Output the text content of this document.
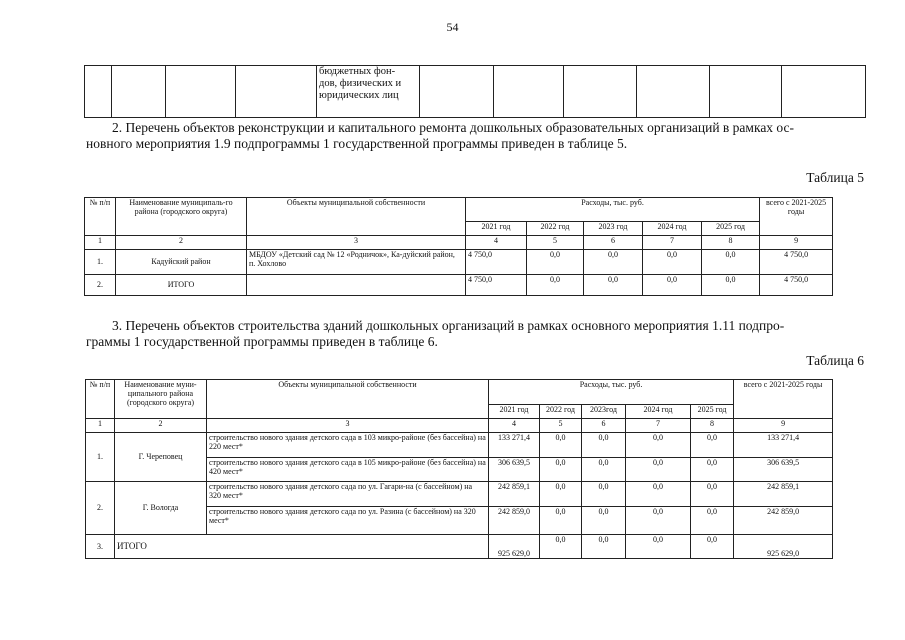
54

бюджетных фон-
дов, физических и
юридических лиц

2. Перечень объектов реконструкции и капитального ремонта дошкольных образовательных организаций в рамках ос-
новного мероприятия 1.9 подпрограммы 1 государственной программы приведен в таблице 5.
Таблица 5
№ п/п	Наименование муниципаль-го района (городского округа)	Объекты муниципальной собственности	Расходы, тыс. руб.					всего с 2021-2025 годы
			2021 год	2022 год	2023 год	2024 год	2025 год	
1	2	3	4	5	6	7	8	9
1.	Кадуйский район	МБДОУ «Детский сад № 12 «Родничок», Ка-дуйский район, п. Хохлово	4 750,0	0,0	0,0	0,0	0,0	4 750,0
2.	ИТОГО		4 750,0	0,0	0,0	0,0	0,0	4 750,0
3. Перечень объектов строительства зданий дошкольных организаций в рамках основного мероприятия 1.11 подпро-
граммы 1 государственной программы приведен в таблице 6.
Таблица 6
№ п/п	Наименование муни-ципального района (городского округа)	Объекты муниципальной собственности	Расходы, тыс. руб.					всего с 2021-2025 годы
			2021 год	2022 год	2023год	2024 год	2025 год	
1	2	3	4	5	6	7	8	9
1.	Г. Череповец	строительство нового здания детского сада в 103 микро-районе (без бассейна) на 220 мест*	133 271,4	0,0	0,0	0,0	0,0	133 271,4
		строительство нового здания детского сада в 105 микро-районе (без бассейна) на 420 мест*	306 639,5	0,0	0,0	0,0	0,0	306 639,5
2.	Г. Вологда	строительство нового здания детского сада по ул. Гагари-на (с бассейном) на 320 мест*	242 859,1	0,0	0,0	0,0	0,0	242 859,1
		строительство нового здания детского сада по ул. Разина (с бассейном) на 320 мест*	242 859,0	0,0	0,0	0,0	0,0	242 859,0
3.	ИТОГО		925 629,0	0,0	0,0	0,0	0,0	925 629,0
